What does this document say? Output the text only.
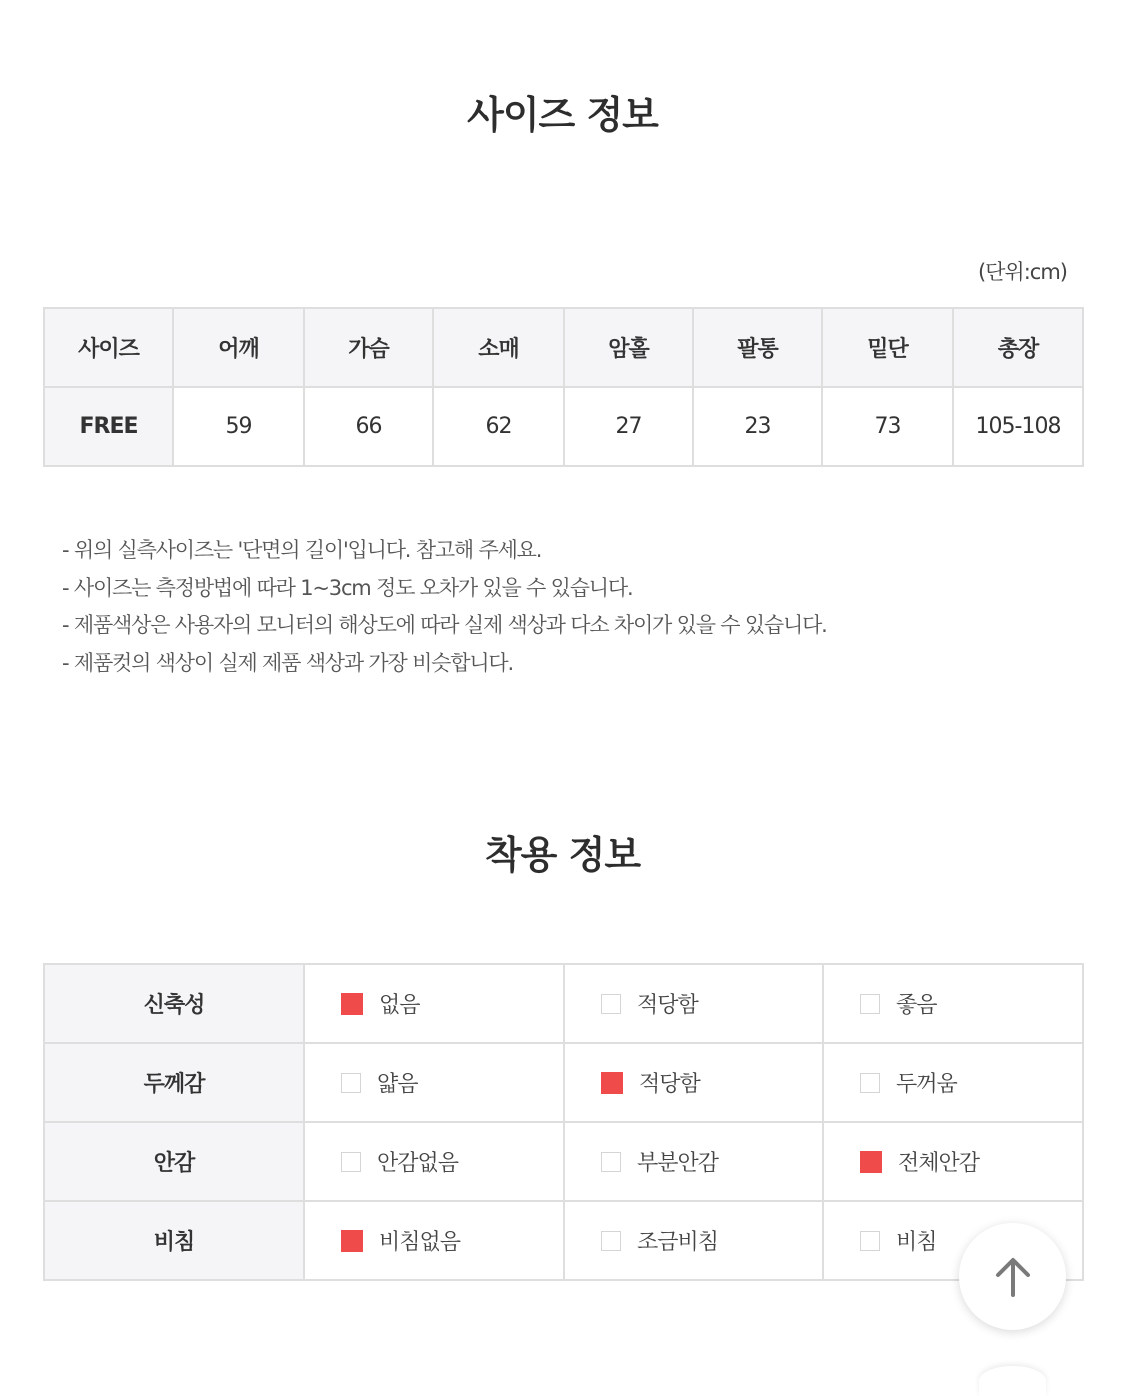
사이즈 정보
(단위:cm)
사이즈	어깨	가슴	소매	암홀	팔통	밑단	총장
FREE	59	66	62	27	23	73	105-108
- 위의 실측사이즈는 '단면의 길이'입니다. 참고해 주세요.
- 사이즈는 측정방법에 따라 1~3cm 정도 오차가 있을 수 있습니다.
- 제품색상은 사용자의 모니터의 해상도에 따라 실제 색상과 다소 차이가 있을 수 있습니다.
- 제품컷의 색상이 실제 제품 색상과 가장 비슷합니다.
착용 정보
신축성	없음	적당함	좋음
두께감	얇음	적당함	두꺼움
안감	안감없음	부분안감	전체안감
비침	비침없음	조금비침	비침
